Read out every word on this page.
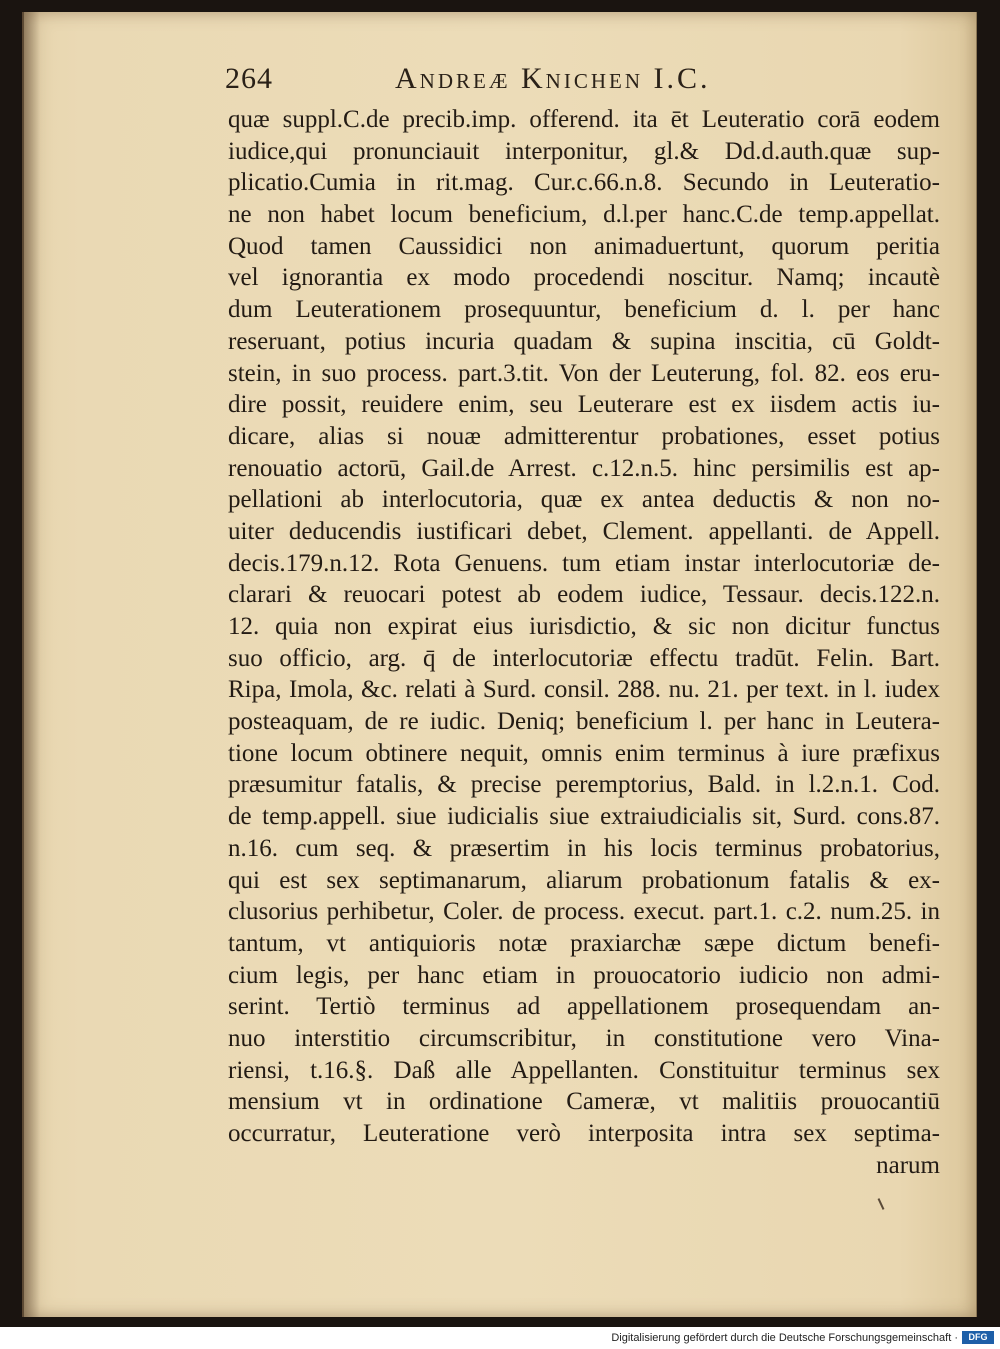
264	Andreæ Knichen I.C.
quæ suppl.C.de precib.imp. offerend. ita ēt Leuteratio corā eodem
iudice,qui pronunciauit interponitur, gl.& Dd.d.auth.quæ sup-
plicatio.Cumia in rit.mag. Cur.c.66.n.8. Secundo in Leuteratio-
ne non habet locum beneficium, d.l.per hanc.C.de temp.appellat.
Quod tamen Caussidici non animaduertunt, quorum peritia
vel ignorantia ex modo procedendi noscitur. Namq; incautè
dum Leuterationem prosequuntur, beneficium d. l. per hanc
reseruant, potius incuria quadam & supina inscitia, cū Goldt-
stein, in suo process. part.3.tit. Von der Leuterung, fol. 82. eos eru-
dire possit, reuidere enim, seu Leuterare est ex iisdem actis iu-
dicare, alias si nouæ admitterentur probationes, esset potius
renouatio actorū, Gail.de Arrest. c.12.n.5. hinc persimilis est ap-
pellationi ab interlocutoria, quæ ex antea deductis & non no-
uiter deducendis iustificari debet, Clement. appellanti. de Appell.
decis.179.n.12. Rota Genuens. tum etiam instar interlocutoriæ de-
clarari & reuocari potest ab eodem iudice, Tessaur. decis.122.n.
12. quia non expirat eius iurisdictio, & sic non dicitur functus
suo officio, arg. q̄ de interlocutoriæ effectu tradūt. Felin. Bart.
Ripa, Imola, &c. relati à Surd. consil. 288. nu. 21. per text. in l. iudex
posteaquam, de re iudic. Deniq; beneficium l. per hanc in Leutera-
tione locum obtinere nequit, omnis enim terminus à iure præfixus
præsumitur fatalis, & precise peremptorius, Bald. in l.2.n.1. Cod.
de temp.appell. siue iudicialis siue extraiudicialis sit, Surd. cons.87.
n.16. cum seq. & præsertim in his locis terminus probatorius,
qui est sex septimanarum, aliarum probationum fatalis & ex-
clusorius perhibetur, Coler. de process. execut. part.1. c.2. num.25. in
tantum, vt antiquioris notæ praxiarchæ sæpe dictum benefi-
cium legis, per hanc etiam in prouocatorio iudicio non admi-
serint. Tertiò terminus ad appellationem prosequendam an-
nuo interstitio circumscribitur, in constitutione vero Vina-
riensi, t.16.§. Daß alle Appellanten. Constituitur terminus sex
mensium vt in ordinatione Cameræ, vt malitiis prouocantiū
occurratur, Leuteratione verò interposita intra sex septima-
narum
Digitalisierung gefördert durch die Deutsche Forschungsgemeinschaft ·	DFG
